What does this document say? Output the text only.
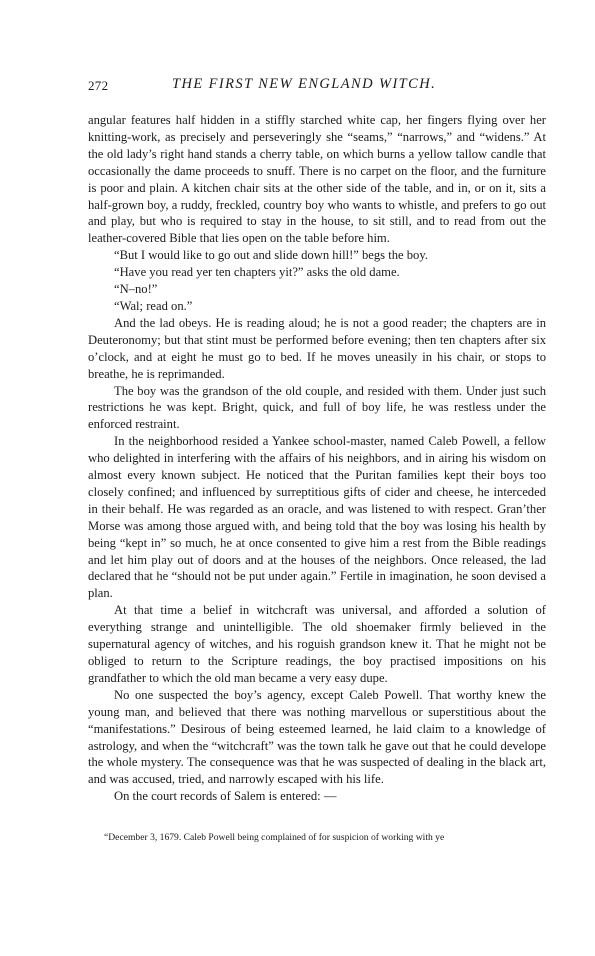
272	THE FIRST NEW ENGLAND WITCH.

angular features half hidden in a stiffly starched white cap, her fingers flying over her knitting-work, as precisely and perseveringly she “seams,” “narrows,” and “widens.” At the old lady’s right hand stands a cherry table, on which burns a yellow tallow candle that occasionally the dame proceeds to snuff. There is no carpet on the floor, and the furniture is poor and plain. A kitchen chair sits at the other side of the table, and in, or on it, sits a half-grown boy, a ruddy, freckled, country boy who wants to whistle, and prefers to go out and play, but who is required to stay in the house, to sit still, and to read from out the leather-covered Bible that lies open on the table before him.

“But I would like to go out and slide down hill!” begs the boy.

“Have you read yer ten chapters yit?” asks the old dame.

“N–no!”

“Wal; read on.”

And the lad obeys. He is reading aloud; he is not a good reader; the chapters are in Deuteronomy; but that stint must be performed before evening; then ten chapters after six o’clock, and at eight he must go to bed. If he moves uneasily in his chair, or stops to breathe, he is reprimanded.

The boy was the grandson of the old couple, and resided with them. Under just such restrictions he was kept. Bright, quick, and full of boy life, he was restless under the enforced restraint.

In the neighborhood resided a Yankee school-master, named Caleb Powell, a fellow who delighted in interfering with the affairs of his neighbors, and in airing his wisdom on almost every known subject. He noticed that the Puritan families kept their boys too closely confined; and influenced by surreptitious gifts of cider and cheese, he interceded in their behalf. He was regarded as an oracle, and was listened to with respect. Gran’ther Morse was among those argued with, and being told that the boy was losing his health by being “kept in” so much, he at once consented to give him a rest from the Bible readings and let him play out of doors and at the houses of the neighbors. Once released, the lad declared that he “should not be put under again.” Fertile in imagination, he soon devised a plan.

At that time a belief in witchcraft was universal, and afforded a solution of everything strange and unintelligible. The old shoemaker firmly believed in the supernatural agency of witches, and his roguish grandson knew it. That he might not be obliged to return to the Scripture readings, the boy practised impositions on his grandfather to which the old man became a very easy dupe.

No one suspected the boy’s agency, except Caleb Powell. That worthy knew the young man, and believed that there was nothing marvellous or superstitious about the “manifestations.” Desirous of being esteemed learned, he laid claim to a knowledge of astrology, and when the “witchcraft” was the town talk he gave out that he could develope the whole mystery. The consequence was that he was suspected of dealing in the black art, and was accused, tried, and narrowly escaped with his life.

On the court records of Salem is entered: —

“December 3, 1679. Caleb Powell being complained of for suspicion of working with ye
